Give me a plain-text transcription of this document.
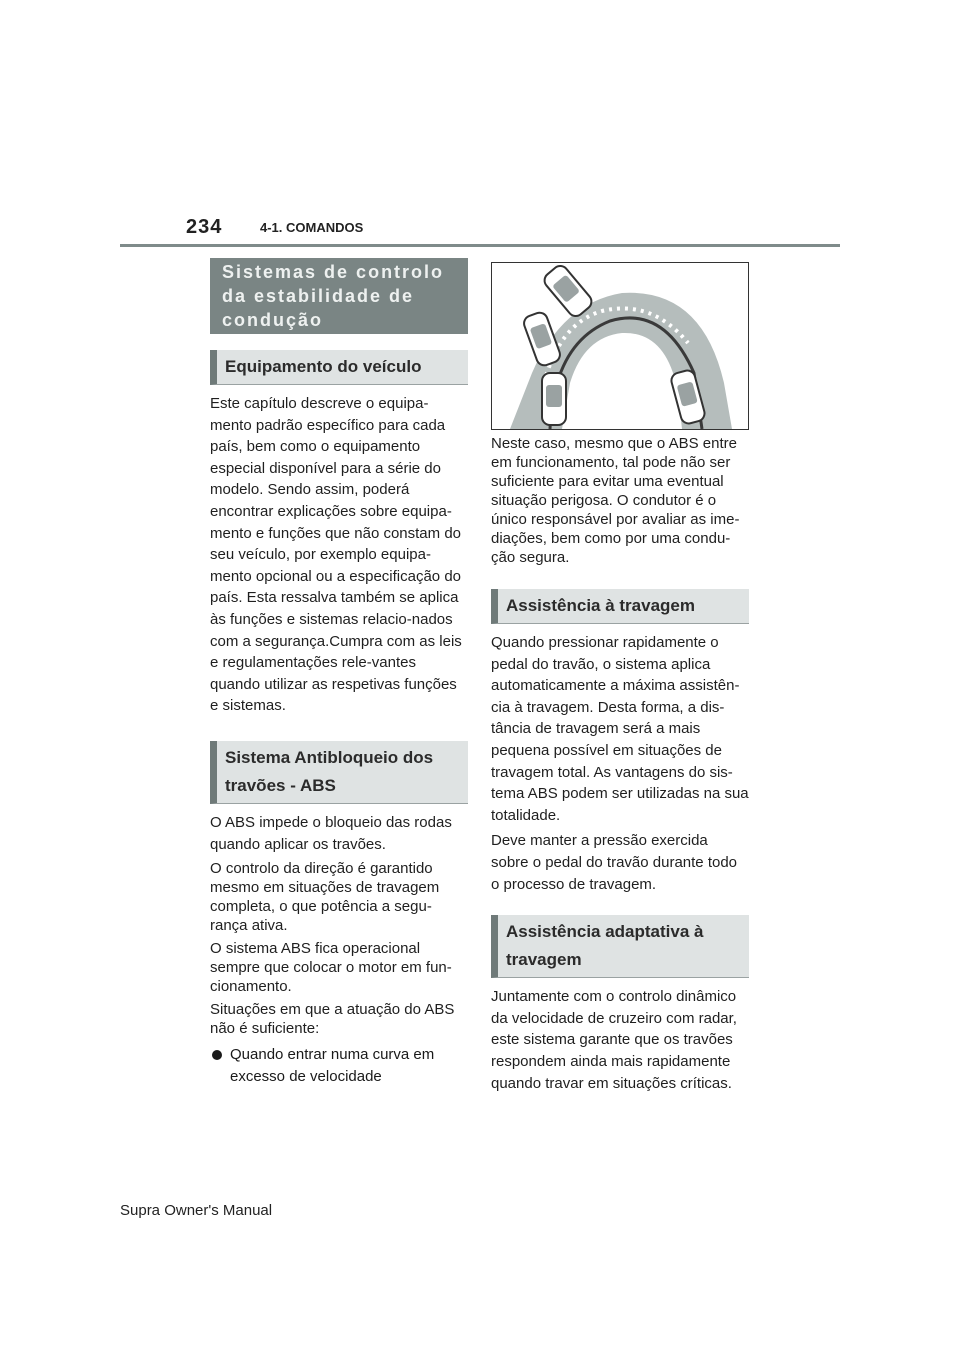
234	4-1. COMANDOS
Sistemas de controlo da estabilidade de condução
Equipamento do veículo

Este capítulo descreve o equipa-mento padrão específico para cada país, bem como o equipamento especial disponível para a série do modelo. Sendo assim, poderá encontrar explicações sobre equipa-mento e funções que não constam do seu veículo, por exemplo equipa-mento opcional ou a especificação do país. Esta ressalva também se aplica às funções e sistemas relacio-nados com a segurança.Cumpra com as leis e regulamentações rele-vantes quando utilizar as respetivas funções e sistemas.

Sistema Antibloqueio dos travões - ABS

O ABS impede o bloqueio das rodas quando aplicar os travões.

O controlo da direção é garantido mesmo em situações de travagem completa, o que potência a segu-rança ativa.

O sistema ABS fica operacional sempre que colocar o motor em fun-cionamento.

Situações em que a atuação do ABS não é suficiente:

Quando entrar numa curva em excesso de velocidade

Neste caso, mesmo que o ABS entre em funcionamento, tal pode não ser suficiente para evitar uma eventual situação perigosa. O condutor é o único responsável por avaliar as ime-diações, bem como por uma condu-ção segura.

Assistência à travagem

Quando pressionar rapidamente o pedal do travão, o sistema aplica automaticamente a máxima assistên-cia à travagem. Desta forma, a dis-tância de travagem será a mais pequena possível em situações de travagem total. As vantagens do sis-tema ABS podem ser utilizadas na sua totalidade.

Deve manter a pressão exercida sobre o pedal do travão durante todo o processo de travagem.

Assistência adaptativa à travagem

Juntamente com o controlo dinâmico da velocidade de cruzeiro com radar, este sistema garante que os travões respondem ainda mais rapidamente quando travar em situações críticas.

Supra Owner's Manual
